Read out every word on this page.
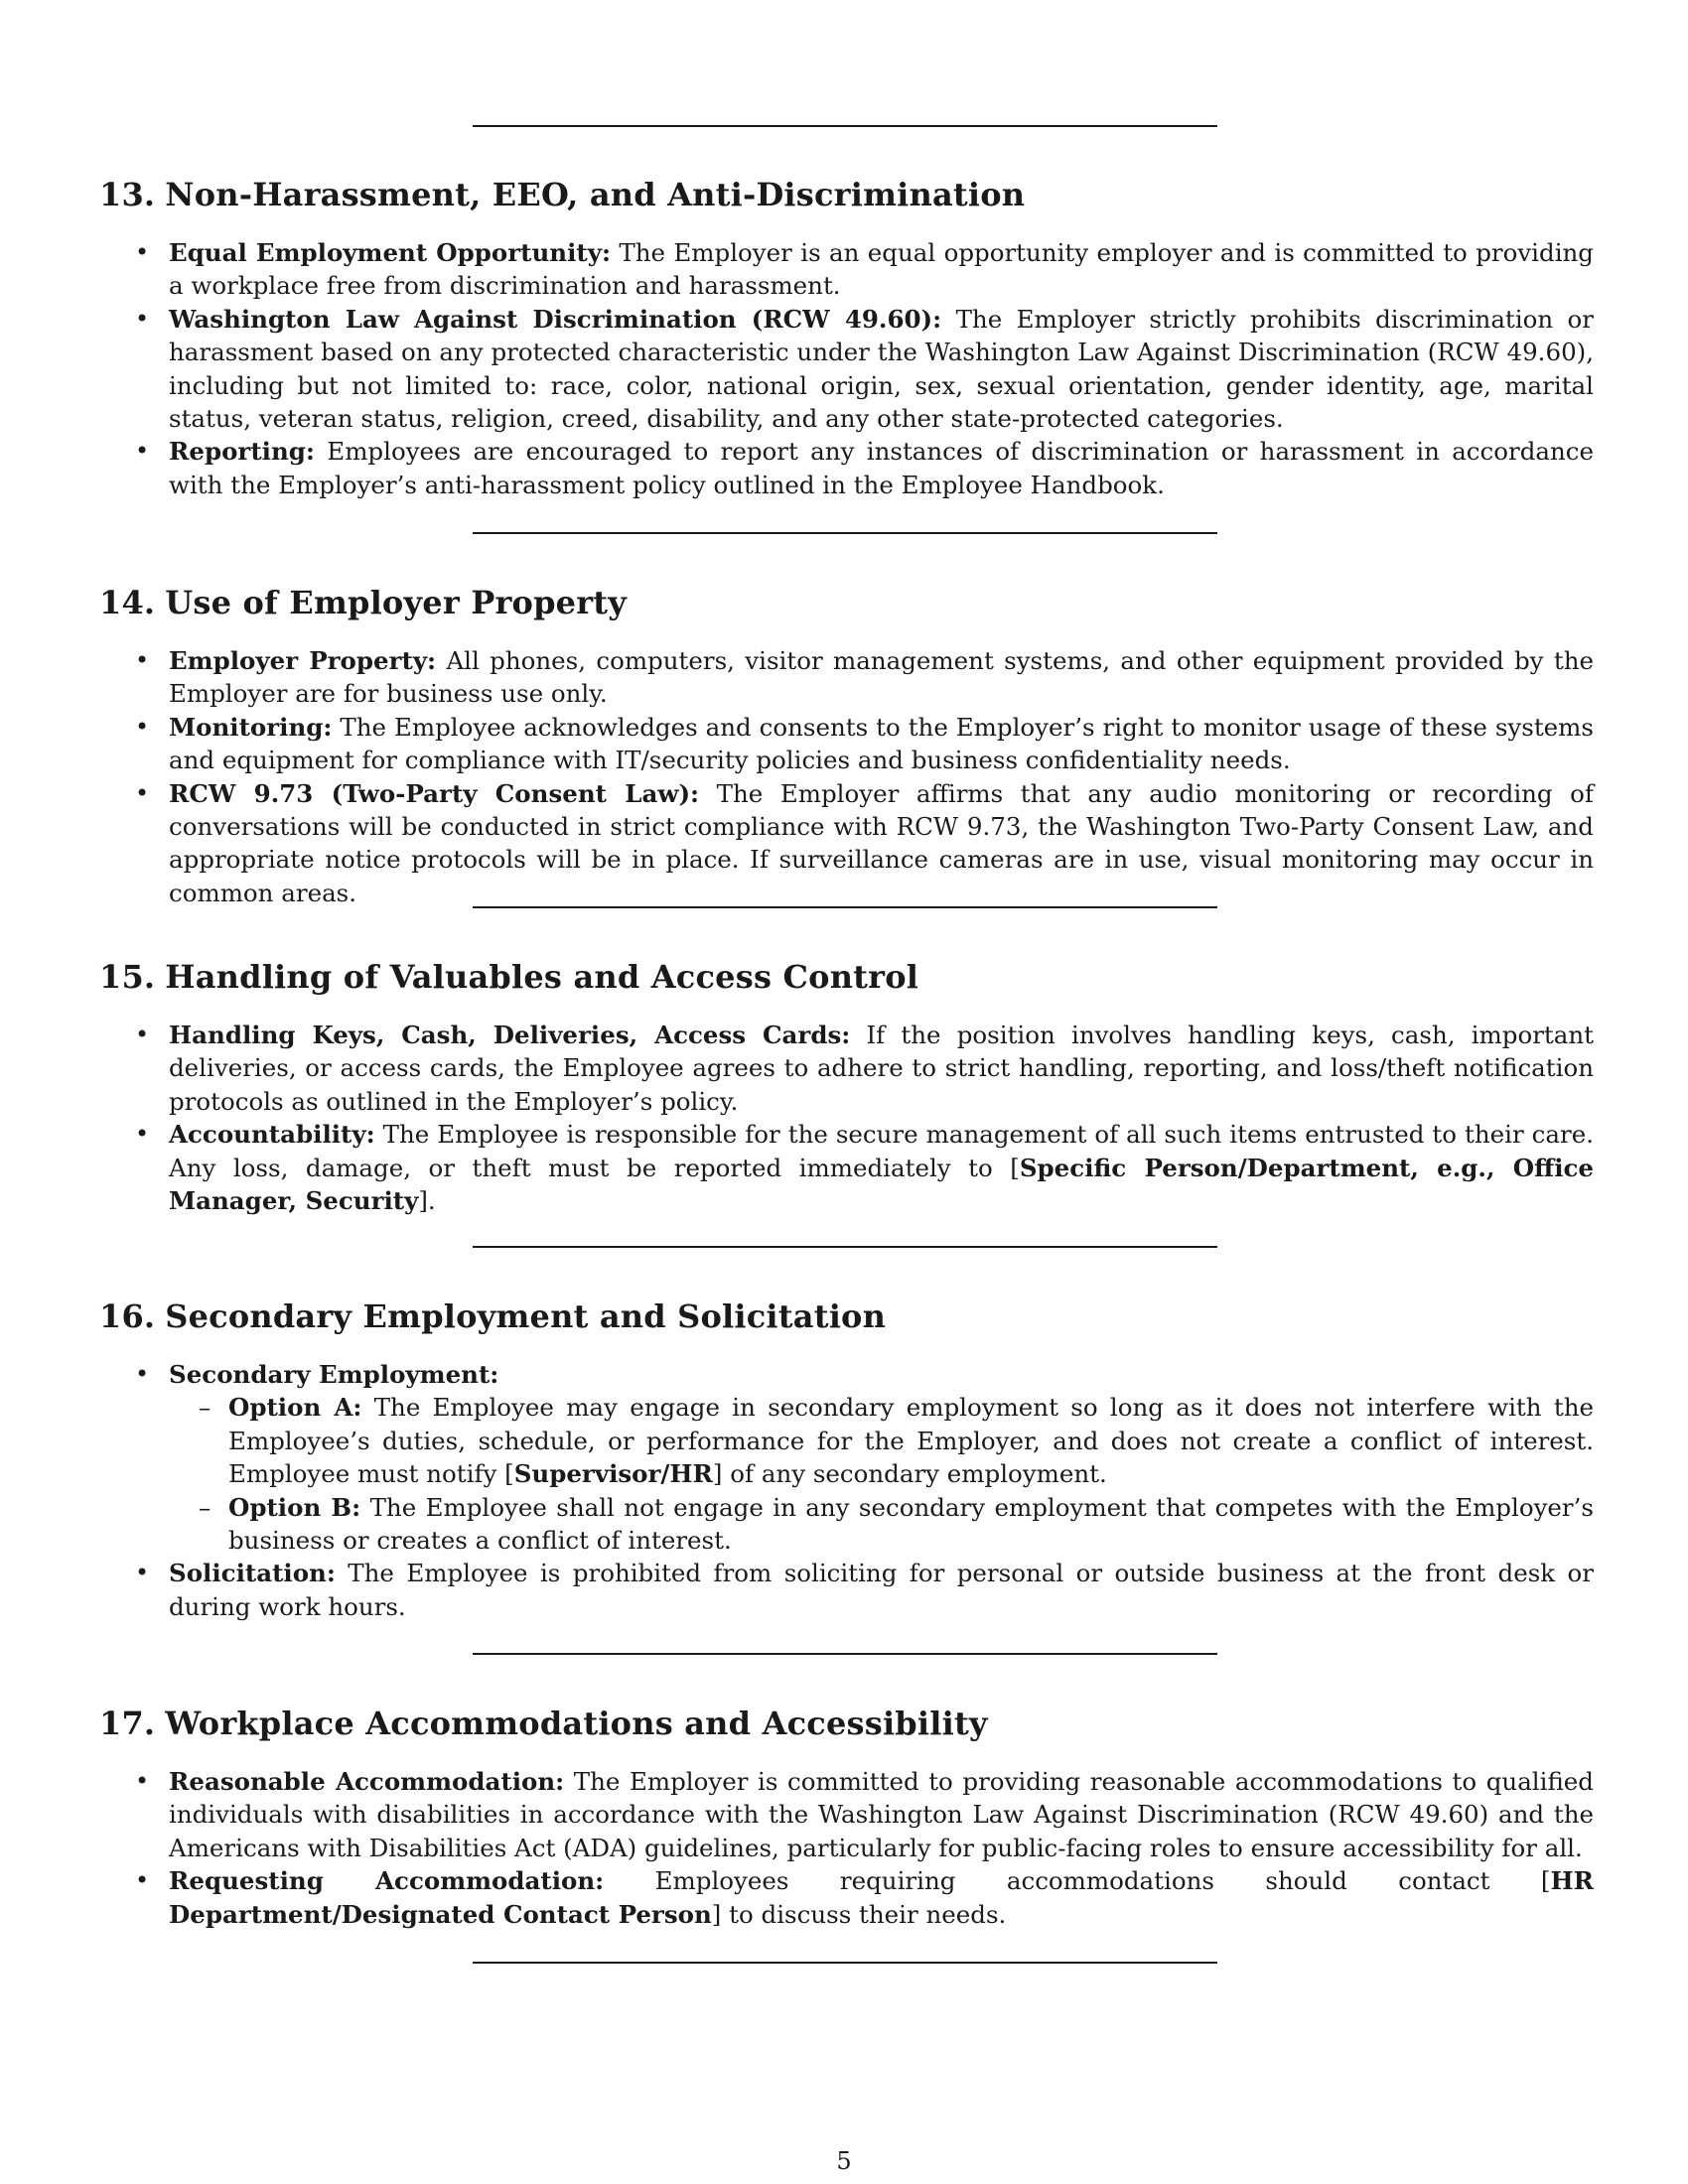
13. Non-Harassment, EEO, and Anti-Discrimination
• Equal Employment Opportunity: The Employer is an equal opportunity employer and is committed to providing a workplace free from discrimination and harassment.
• Washington Law Against Discrimination (RCW 49.60): The Employer strictly prohibits discrimination or harassment based on any protected characteristic under the Washington Law Against Discrimination (RCW 49.60), including but not limited to: race, color, national origin, sex, sexual orientation, gender identity, age, marital status, veteran status, religion, creed, disability, and any other state-protected categories.
• Reporting: Employees are encouraged to report any instances of discrimination or harassment in accordance with the Employer’s anti-harassment policy outlined in the Employee Handbook.
14. Use of Employer Property
• Employer Property: All phones, computers, visitor management systems, and other equipment provided by the Employer are for business use only.
• Monitoring: The Employee acknowledges and consents to the Employer’s right to monitor usage of these systems and equipment for compliance with IT/security policies and business confidentiality needs.
• RCW 9.73 (Two-Party Consent Law): The Employer affirms that any audio monitoring or recording of conversations will be conducted in strict compliance with RCW 9.73, the Washington Two-Party Consent Law, and appropriate notice protocols will be in place. If surveillance cameras are in use, visual monitoring may occur in common areas.
15. Handling of Valuables and Access Control
• Handling Keys, Cash, Deliveries, Access Cards: If the position involves handling keys, cash, important deliveries, or access cards, the Employee agrees to adhere to strict handling, reporting, and loss/theft notification protocols as outlined in the Employer’s policy.
• Accountability: The Employee is responsible for the secure management of all such items entrusted to their care. Any loss, damage, or theft must be reported immediately to [Specific Person/Department, e.g., Office Manager, Security].
16. Secondary Employment and Solicitation
• Secondary Employment:
– Option A: The Employee may engage in secondary employment so long as it does not interfere with the Employee’s duties, schedule, or performance for the Employer, and does not create a conflict of interest. Employee must notify [Supervisor/HR] of any secondary employment.
– Option B: The Employee shall not engage in any secondary employment that competes with the Employer’s business or creates a conflict of interest.
• Solicitation: The Employee is prohibited from soliciting for personal or outside business at the front desk or during work hours.
17. Workplace Accommodations and Accessibility
• Reasonable Accommodation: The Employer is committed to providing reasonable accommodations to qualified individuals with disabilities in accordance with the Washington Law Against Discrimination (RCW 49.60) and the Americans with Disabilities Act (ADA) guidelines, particularly for public-facing roles to ensure accessibility for all.
• Requesting Accommodation: Employees requiring accommodations should contact [HR Department/Designated Contact Person] to discuss their needs.
5
